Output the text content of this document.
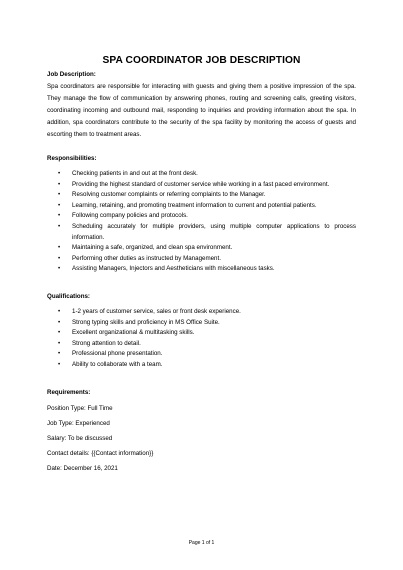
SPA COORDINATOR JOB DESCRIPTION
Job Description:
Spa coordinators are responsible for interacting with guests and giving them a positive impression of the spa. They manage the flow of communication by answering phones, routing and screening calls, greeting visitors, coordinating incoming and outbound mail, responding to inquiries and providing information about the spa. In addition, spa coordinators contribute to the security of the spa facility by monitoring the access of guests and escorting them to treatment areas.
Responsibilities:
• Checking patients in and out at the front desk.
• Providing the highest standard of customer service while working in a fast paced environment.
• Resolving customer complaints or referring complaints to the Manager.
• Learning, retaining, and promoting treatment information to current and potential patients.
• Following company policies and protocols.
• Scheduling accurately for multiple providers, using multiple computer applications to process information.
• Maintaining a safe, organized, and clean spa environment.
• Performing other duties as instructed by Management.
• Assisting Managers, Injectors and Aestheticians with miscellaneous tasks.
Qualifications:
• 1-2 years of customer service, sales or front desk experience.
• Strong typing skills and proficiency in MS Office Suite.
• Excellent organizational & multitasking skills.
• Strong attention to detail.
• Professional phone presentation.
• Ability to collaborate with a team.
Requirements:
Position Type: Full Time
Job Type: Experienced
Salary: To be discussed
Contact details: {{Contact information}}
Date: December 16, 2021
Page 1 of 1
